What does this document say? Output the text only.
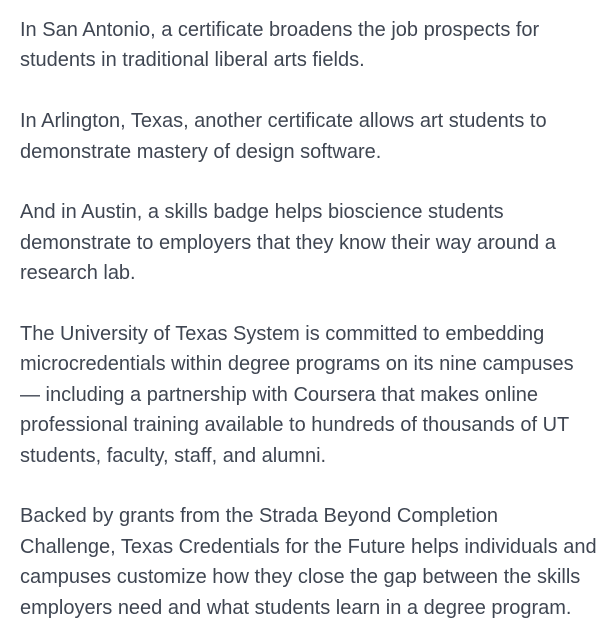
In San Antonio, a certificate broadens the job prospects for
students in traditional liberal arts fields.

In Arlington, Texas, another certificate allows art students to
demonstrate mastery of design software.

And in Austin, a skills badge helps bioscience students
demonstrate to employers that they know their way around a
research lab.

The University of Texas System is committed to embedding
microcredentials within degree programs on its nine campuses
— including a partnership with Coursera that makes online
professional training available to hundreds of thousands of UT
students, faculty, staff, and alumni.

Backed by grants from the Strada Beyond Completion
Challenge, Texas Credentials for the Future helps individuals and
campuses customize how they close the gap between the skills
employers need and what students learn in a degree program.
